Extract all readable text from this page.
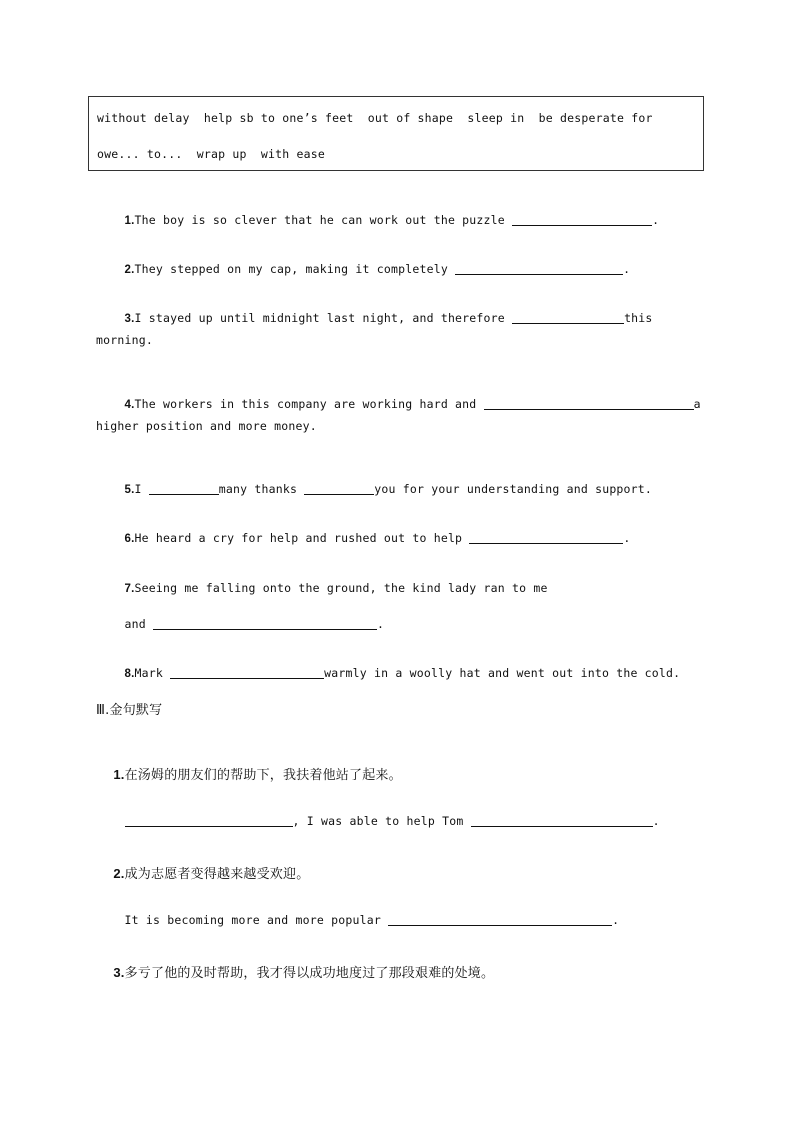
without delay  help sb to one’s feet  out of shape  sleep in  be desperate for
owe... to...  wrap up  with ease

1.The boy is so clever that he can work out the puzzle	.

2.They stepped on my cap, making it completely	.

3.I stayed up until midnight last night, and therefore	this

morning.

4.The workers in this company are working hard and	a

higher position and more money.

5.I	many thanks	you for your understanding and support.

6.He heard a cry for help and rushed out to help	.

7.Seeing me falling onto the ground, the kind lady ran to me

and	.

8.Mark	warmly in a woolly hat and went out into the cold.

Ⅲ.金句默写

1.在汤姆的朋友们的帮助下，我扶着他站了起来。

, I was able to help Tom	.

2.成为志愿者变得越来越受欢迎。

It is becoming more and more popular	.

3.多亏了他的及时帮助，我才得以成功地度过了那段艰难的处境。
